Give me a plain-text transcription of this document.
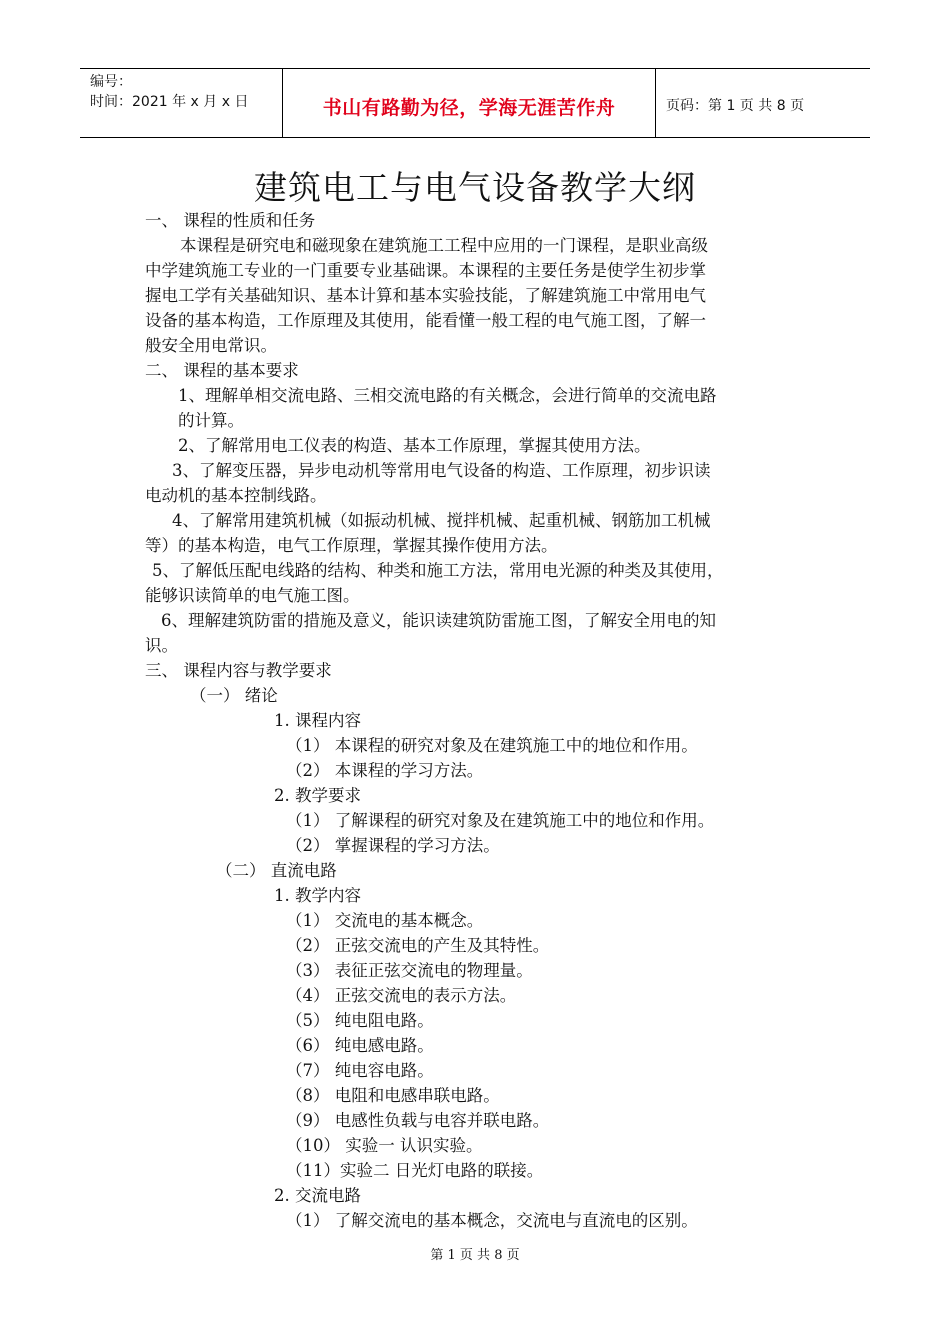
编号：
时间：2021 年 x 月 x 日	书山有路勤为径，学海无涯苦作舟	页码：第 1 页 共 8 页
建筑电工与电气设备教学大纲
一、 课程的性质和任务
本课程是研究电和磁现象在建筑施工工程中应用的一门课程，是职业高级
中学建筑施工专业的一门重要专业基础课。本课程的主要任务是使学生初步掌
握电工学有关基础知识、基本计算和基本实验技能，了解建筑施工中常用电气
设备的基本构造，工作原理及其使用，能看懂一般工程的电气施工图，了解一
般安全用电常识。
二、 课程的基本要求
1、理解单相交流电路、三相交流电路的有关概念，会进行简单的交流电路
的计算。
2、了解常用电工仪表的构造、基本工作原理，掌握其使用方法。
3、了解变压器，异步电动机等常用电气设备的构造、工作原理，初步识读
电动机的基本控制线路。
4、了解常用建筑机械（如振动机械、搅拌机械、起重机械、钢筋加工机械
等）的基本构造，电气工作原理，掌握其操作使用方法。
5、了解低压配电线路的结构、种类和施工方法，常用电光源的种类及其使用，
能够识读简单的电气施工图。
6、理解建筑防雷的措施及意义，能识读建筑防雷施工图，了解安全用电的知
识。
三、 课程内容与教学要求
（一） 绪论
1. 课程内容
（1） 本课程的研究对象及在建筑施工中的地位和作用。
（2） 本课程的学习方法。
2. 教学要求
（1） 了解课程的研究对象及在建筑施工中的地位和作用。
（2） 掌握课程的学习方法。
（二） 直流电路
1. 教学内容
（1） 交流电的基本概念。
（2） 正弦交流电的产生及其特性。
（3） 表征正弦交流电的物理量。
（4） 正弦交流电的表示方法。
（5） 纯电阻电路。
（6） 纯电感电路。
（7） 纯电容电路。
（8） 电阻和电感串联电路。
（9） 电感性负载与电容并联电路。
（10） 实验一 认识实验。
（11）实验二 日光灯电路的联接。
2. 交流电路
（1） 了解交流电的基本概念，交流电与直流电的区别。
第 1 页 共 8 页
